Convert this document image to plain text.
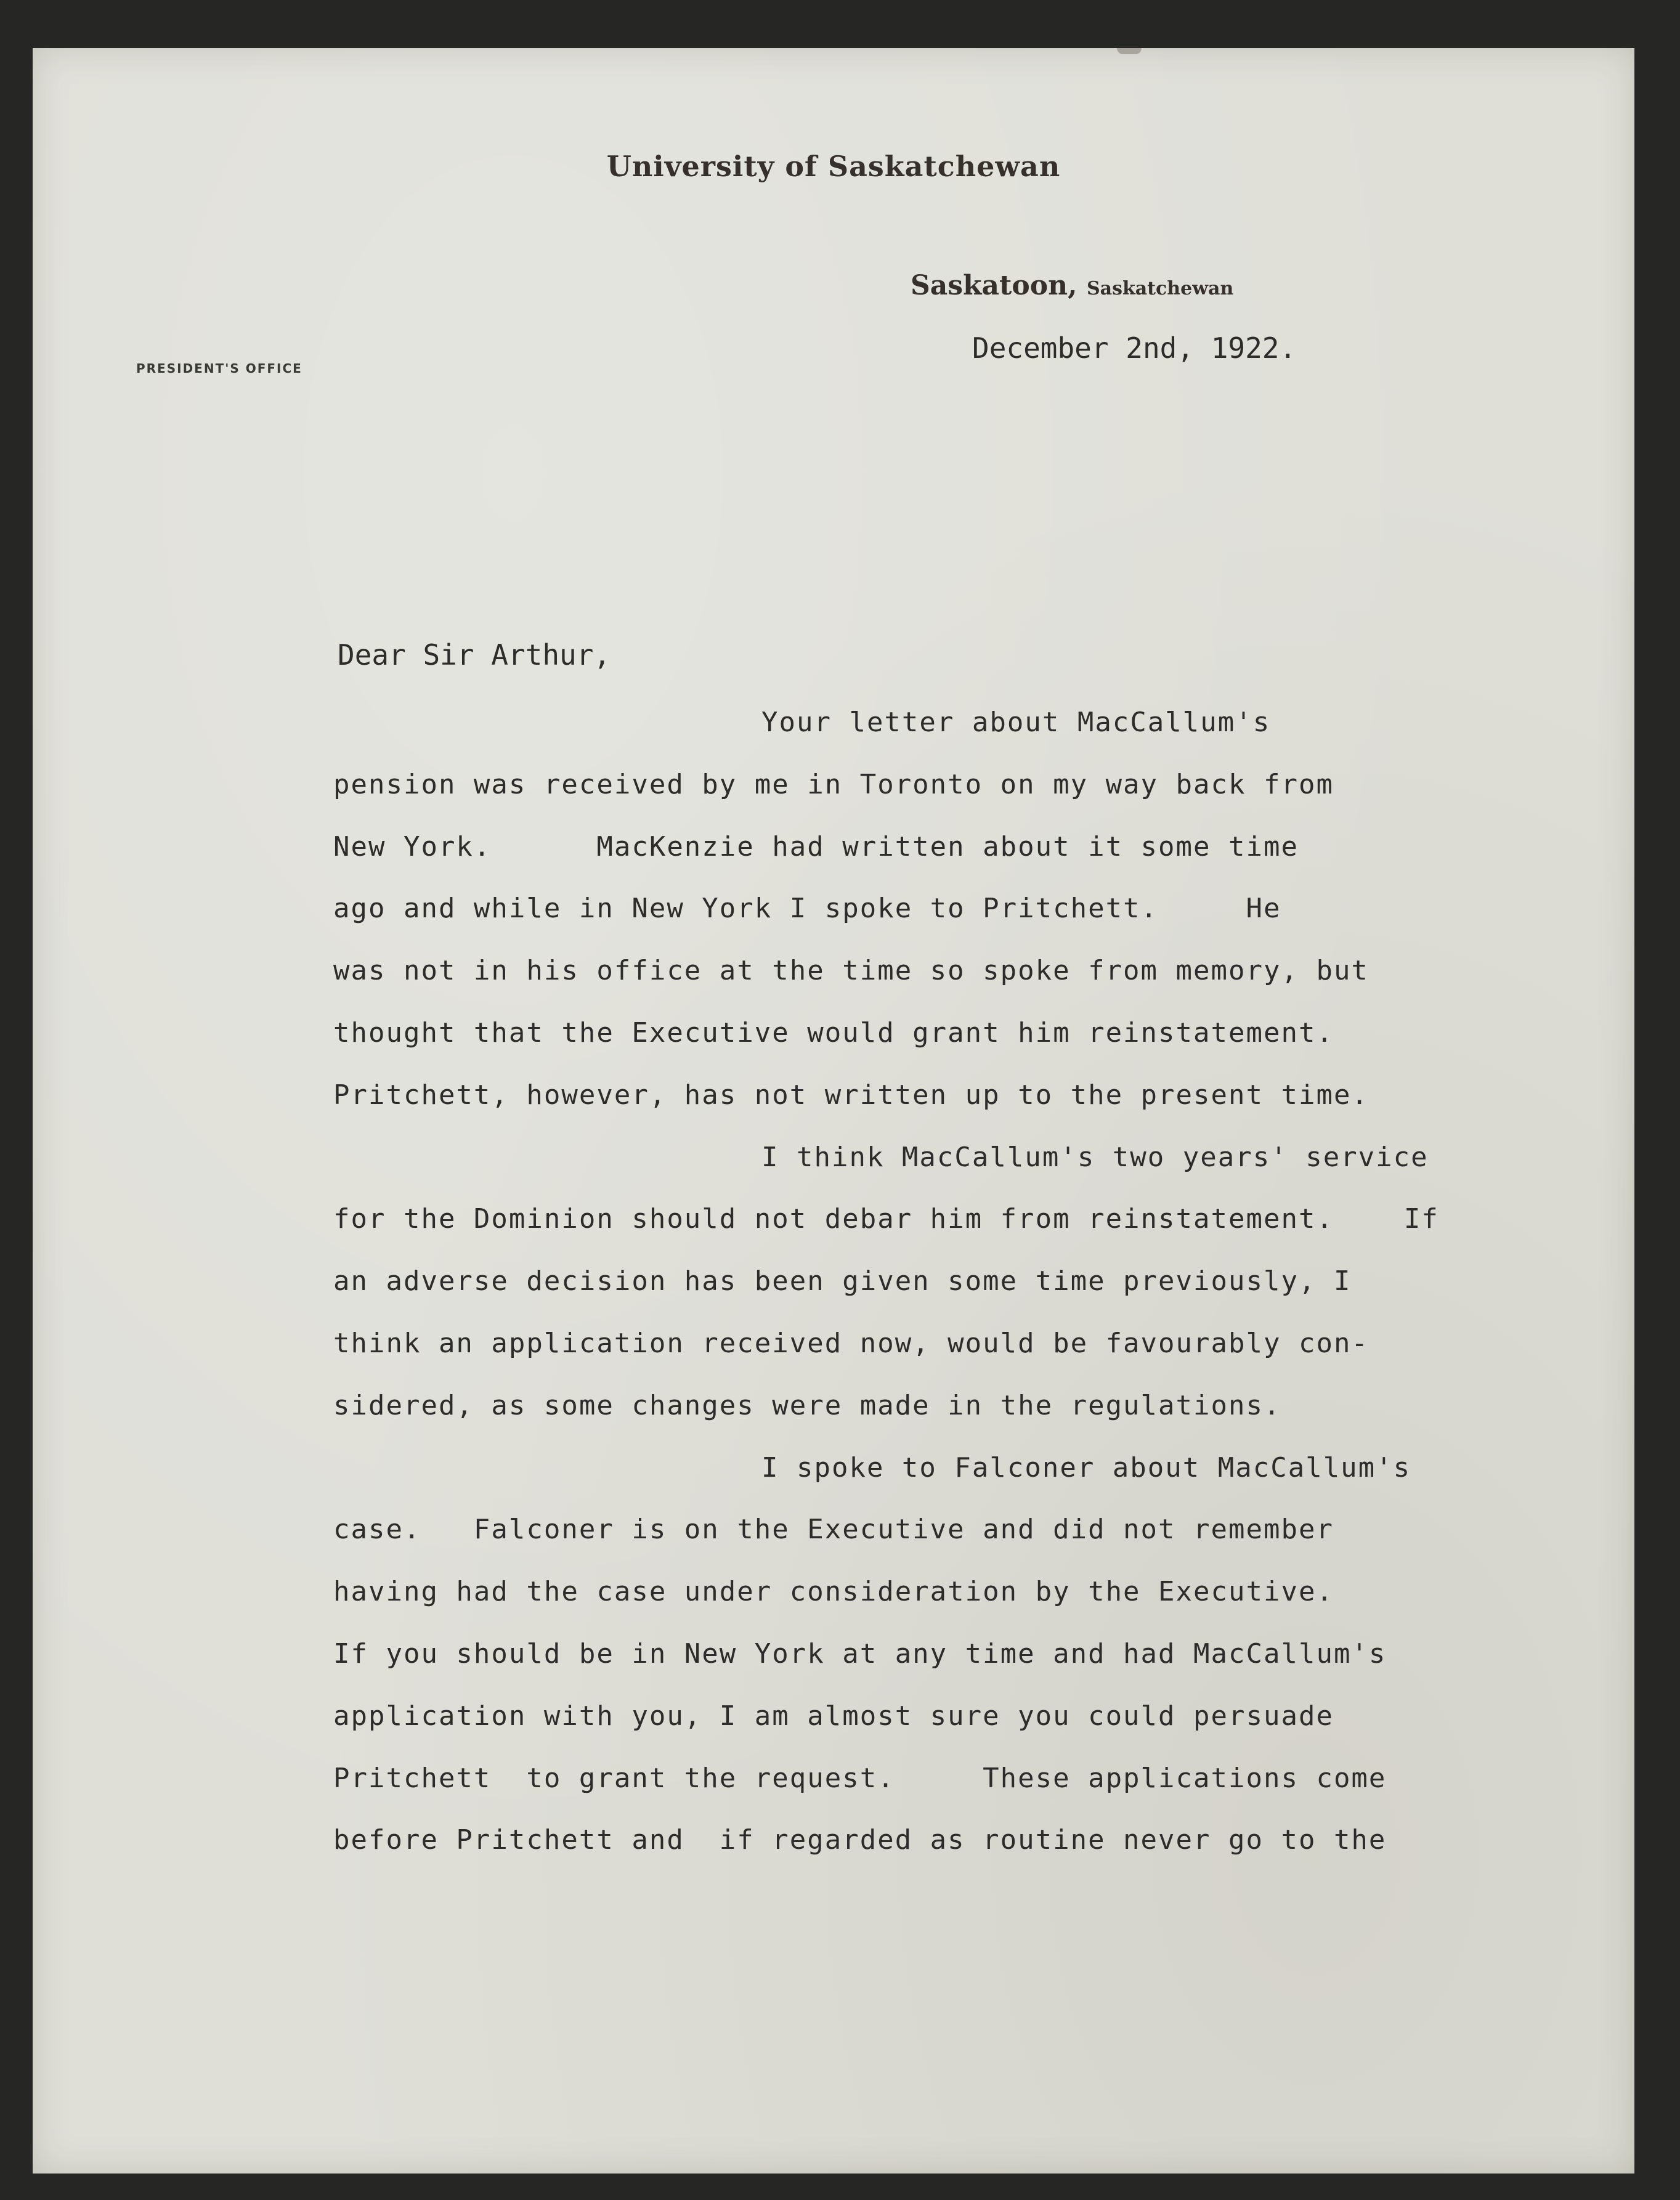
University of Saskatchewan
Saskatoon, Saskatchewan
PRESIDENT'S OFFICE
December 2nd, 1922.
Dear Sir Arthur,
Your letter about MacCallum's
pension was received by me in Toronto on my way back from
New York.      MacKenzie had written about it some time
ago and while in New York I spoke to Pritchett.     He
was not in his office at the time so spoke from memory, but
thought that the Executive would grant him reinstatement.
Pritchett, however, has not written up to the present time.
I think MacCallum's two years' service
for the Dominion should not debar him from reinstatement.    If
an adverse decision has been given some time previously, I
think an application received now, would be favourably con-
sidered, as some changes were made in the regulations.
I spoke to Falconer about MacCallum's
case.   Falconer is on the Executive and did not remember
having had the case under consideration by the Executive.
If you should be in New York at any time and had MacCallum's
application with you, I am almost sure you could persuade
Pritchett  to grant the request.     These applications come
before Pritchett and  if regarded as routine never go to the
